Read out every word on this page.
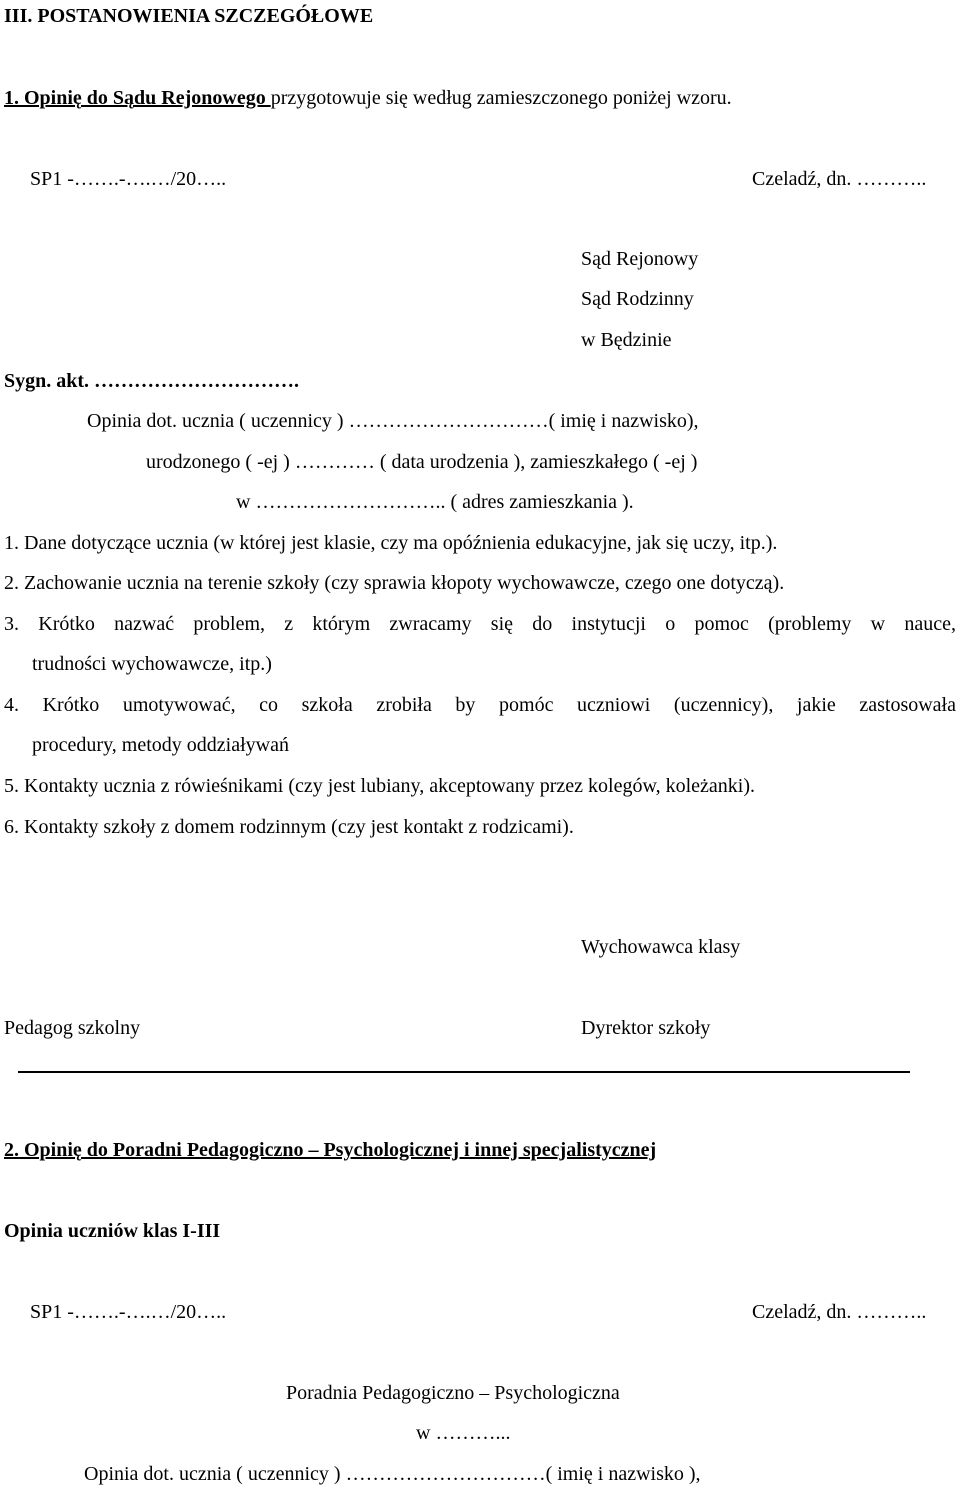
III. POSTANOWIENIA SZCZEGÓŁOWE
1. Opinię do Sądu Rejonowego przygotowuje się według zamieszczonego poniżej wzoru.
SP1 -…….-….…/20…..	Czeladź, dn. ………..
Sąd Rejonowy
Sąd Rodzinny
w Będzinie
Sygn. akt. ………………………….
Opinia dot. ucznia ( uczennicy ) …………………………( imię i nazwisko),
urodzonego ( -ej ) ………… ( data urodzenia ), zamieszkałego ( -ej )
w ……………………….. ( adres zamieszkania ).
1. Dane dotyczące ucznia (w której jest klasie, czy ma opóźnienia edukacyjne, jak się uczy, itp.).
2. Zachowanie ucznia na terenie szkoły (czy sprawia kłopoty wychowawcze, czego one dotyczą).
3. Krótko nazwać problem, z którym zwracamy się do instytucji o pomoc (problemy w nauce,
trudności wychowawcze, itp.)
4. Krótko umotywować, co szkoła zrobiła by pomóc uczniowi (uczennicy), jakie zastosowała
procedury, metody oddziaływań
5. Kontakty ucznia z rówieśnikami (czy jest lubiany, akceptowany przez kolegów, koleżanki).
6. Kontakty szkoły z domem rodzinnym (czy jest kontakt z rodzicami).
Wychowawca klasy
Pedagog szkolny	Dyrektor szkoły
2. Opinię do Poradni Pedagogiczno – Psychologicznej i innej specjalistycznej
Opinia uczniów klas I-III
SP1 -…….-….…/20…..	Czeladź, dn. ………..
Poradnia Pedagogiczno – Psychologiczna
w ………...
Opinia dot. ucznia ( uczennicy ) …………………………( imię i nazwisko ),
